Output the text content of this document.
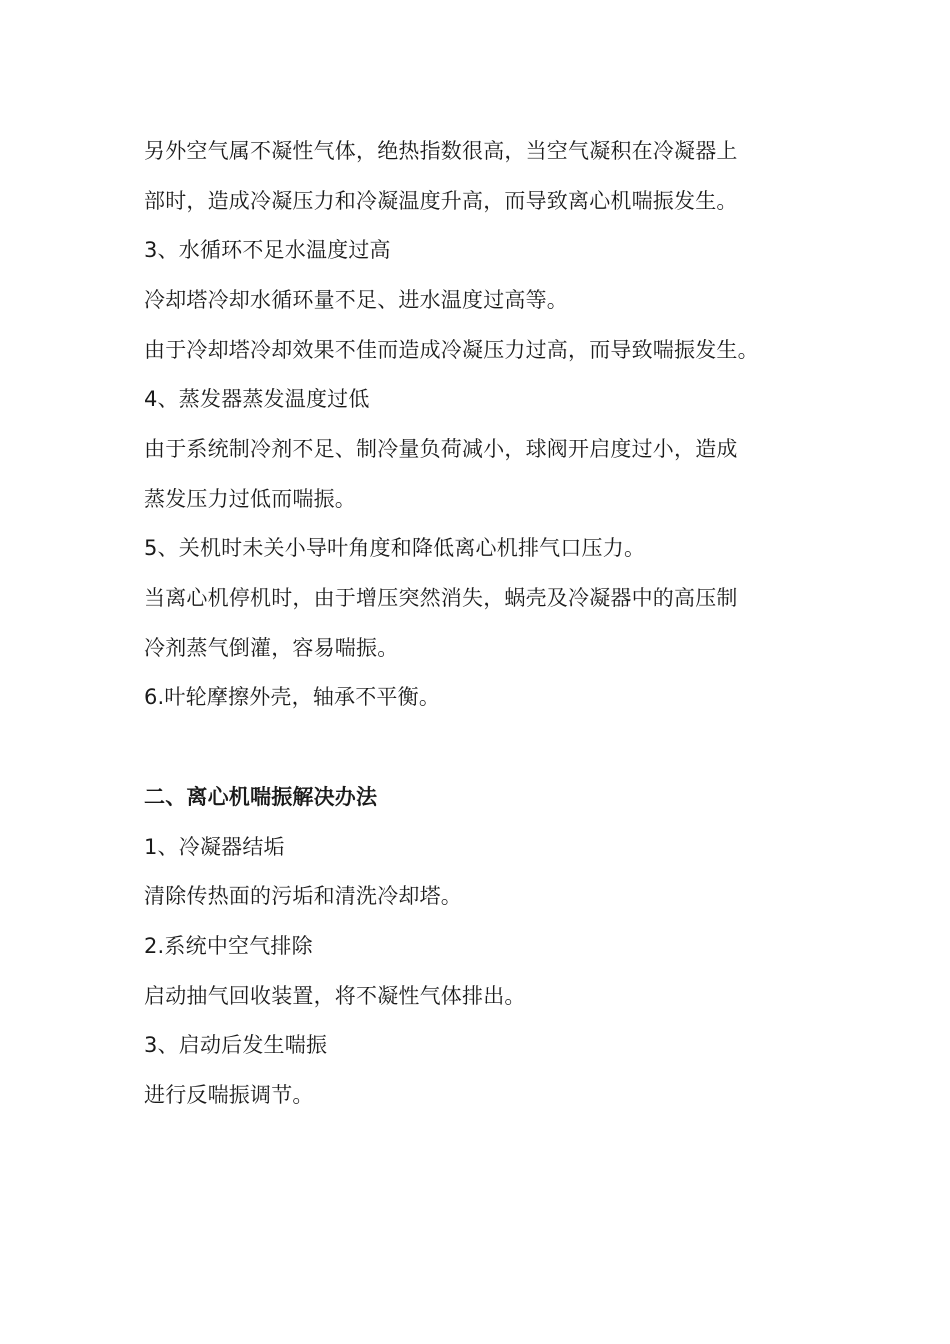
另外空气属不凝性气体，绝热指数很高，当空气凝积在冷凝器上
部时，造成冷凝压力和冷凝温度升高，而导致离心机喘振发生。
3、水循环不足水温度过高
冷却塔冷却水循环量不足、进水温度过高等。
由于冷却塔冷却效果不佳而造成冷凝压力过高，而导致喘振发生。
4、蒸发器蒸发温度过低
由于系统制冷剂不足、制冷量负荷减小，球阀开启度过小，造成
蒸发压力过低而喘振。
5、关机时未关小导叶角度和降低离心机排气口压力。
当离心机停机时，由于增压突然消失，蜗壳及冷凝器中的高压制
冷剂蒸气倒灌，容易喘振。
6.叶轮摩擦外壳，轴承不平衡。
二、离心机喘振解决办法
1、冷凝器结垢
清除传热面的污垢和清洗冷却塔。
2.系统中空气排除
启动抽气回收装置，将不凝性气体排出。
3、启动后发生喘振
进行反喘振调节。
